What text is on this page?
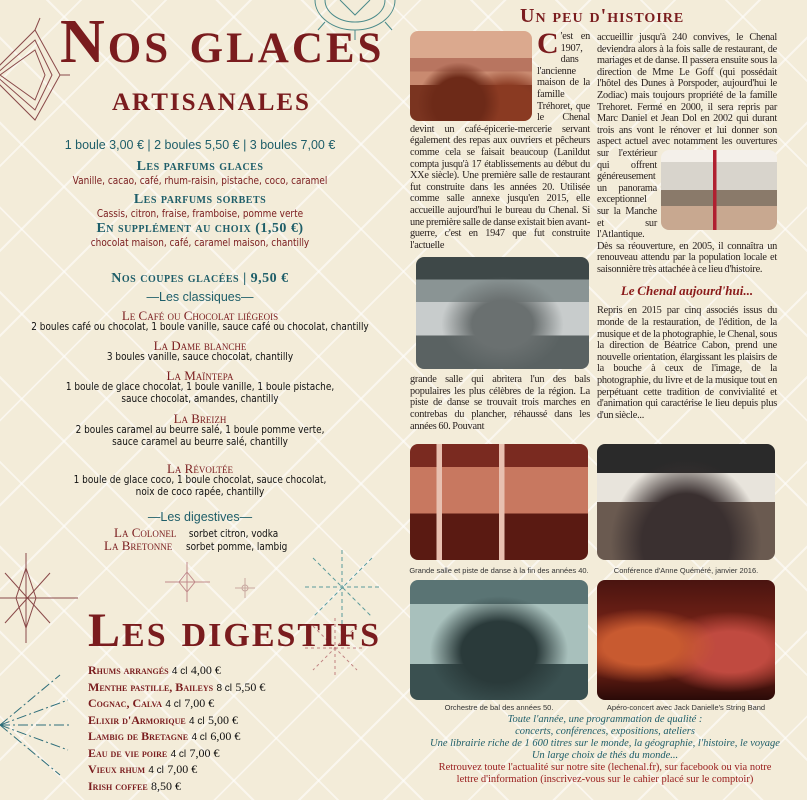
Nos glaces
artisanales
1 boule 3,00 € | 2 boules 5,50 € | 3 boules 7,00 €
Les parfums glaces
Vanille, cacao, café, rhum-raisin, pistache, coco, caramel
Les parfums sorbets
Cassis, citron, fraise, framboise, pomme verte
En supplément au choix (1,50 €)
chocolat maison, café, caramel maison, chantilly
Nos coupes glacées | 9,50 €
—Les classiques—
Le Café ou Chocolat liégeois
2 boules café ou chocolat, 1 boule vanille, sauce café ou chocolat, chantilly
La Dame blanche
3 boules vanille, sauce chocolat, chantilly
La Maïntepa
1 boule de glace chocolat, 1 boule vanille, 1 boule pistache,
sauce chocolat, amandes, chantilly
La Breizh
2 boules caramel au beurre salé, 1 boule pomme verte,
sauce caramel au beurre salé, chantilly
La Révoltée
1 boule de glace coco, 1 boule chocolat, sauce chocolat,
noix de coco rapée, chantilly
—Les digestives—
La Colonel sorbet citron, vodka
La Bretonne sorbet pomme, lambig
Les digestifs
Rhums arrangés 4 cl 4,00 €
Menthe pastille, Baileys 8 cl 5,50 €
Cognac, Calva 4 cl 7,00 €
Elixir d'Armorique 4 cl 5,00 €
Lambig de Bretagne 4 cl 6,00 €
Eau de vie poire 4 cl 7,00 €
Vieux rhum 4 cl 7,00 €
Irish coffee 8,50 €
Un peu d'histoire
C 'est en 1907, dans l'ancienne maison de la famille Tréhoret, que le Chenal devint un café-épicerie-mercerie servant également des repas aux ouvriers et pêcheurs comme cela se faisait beaucoup (Lanildut compta jusqu'à 17 établissements au début du XXe siècle). Une première salle de restaurant fut construite dans les années 20. Utilisée comme salle annexe jusqu'en 2015, elle accueille aujourd'hui le bureau du Chenal. Si une première salle de danse existait bien avant-guerre, c'est en 1947 que fut construite l'actuelle
grande salle qui abritera l'un des bals populaires les plus célèbres de la région. La piste de danse se trouvait trois marches en contrebas du plancher, réhaussé dans les années 60. Pouvant
accueillir jusqu'à 240 convives, le Chenal deviendra alors à la fois salle de restaurant, de mariages et de danse. Il passera ensuite sous la direction de Mme Le Goff (qui possédait l'hôtel des Dunes à Porspoder, aujourd'hui le Zodiac) mais toujours propriété de la famille Trehoret. Fermé en 2000, il sera repris par Marc Daniel et Jean Dol en 2002 qui durant trois ans vont le rénover et lui donner son aspect actuel avec notamment les ouvertures
sur l'extérieur qui offrent généreusement un panorama exceptionnel sur la Manche et sur l'Atlantique. Dès sa réouverture, en 2005, il connaîtra un renouveau attendu par la population locale et saisonnière très attachée à ce lieu d'histoire.
Le Chenal aujourd'hui...
Repris en 2015 par cinq associés issus du monde de la restauration, de l'édition, de la musique et de la photographie, le Chenal, sous la direction de Béatrice Cabon, prend une nouvelle orientation, élargissant les plaisirs de la bouche à ceux de l'image, de la photographie, du livre et de la musique tout en perpétuant cette tradition de convivialité et d'animation qui caractérise le lieu depuis plus d'un siècle...
Grande salle et piste de danse à la fin des années 40.	Conférence d'Anne Quéméré, janvier 2016.
Orchestre de bal des années 50.	Apéro-concert avec Jack Danielle's String Band
Toute l'année, une programmation de qualité :
concerts, conférences, expositions, ateliers
Une librairie riche de 1 600 titres sur le monde, la géographie, l'histoire, le voyage
Un large choix de thés du monde...
Retrouvez toute l'actualité sur notre site (lechenal.fr), sur facebook ou via notre
lettre d'information (inscrivez-vous sur le cahier placé sur le comptoir)
